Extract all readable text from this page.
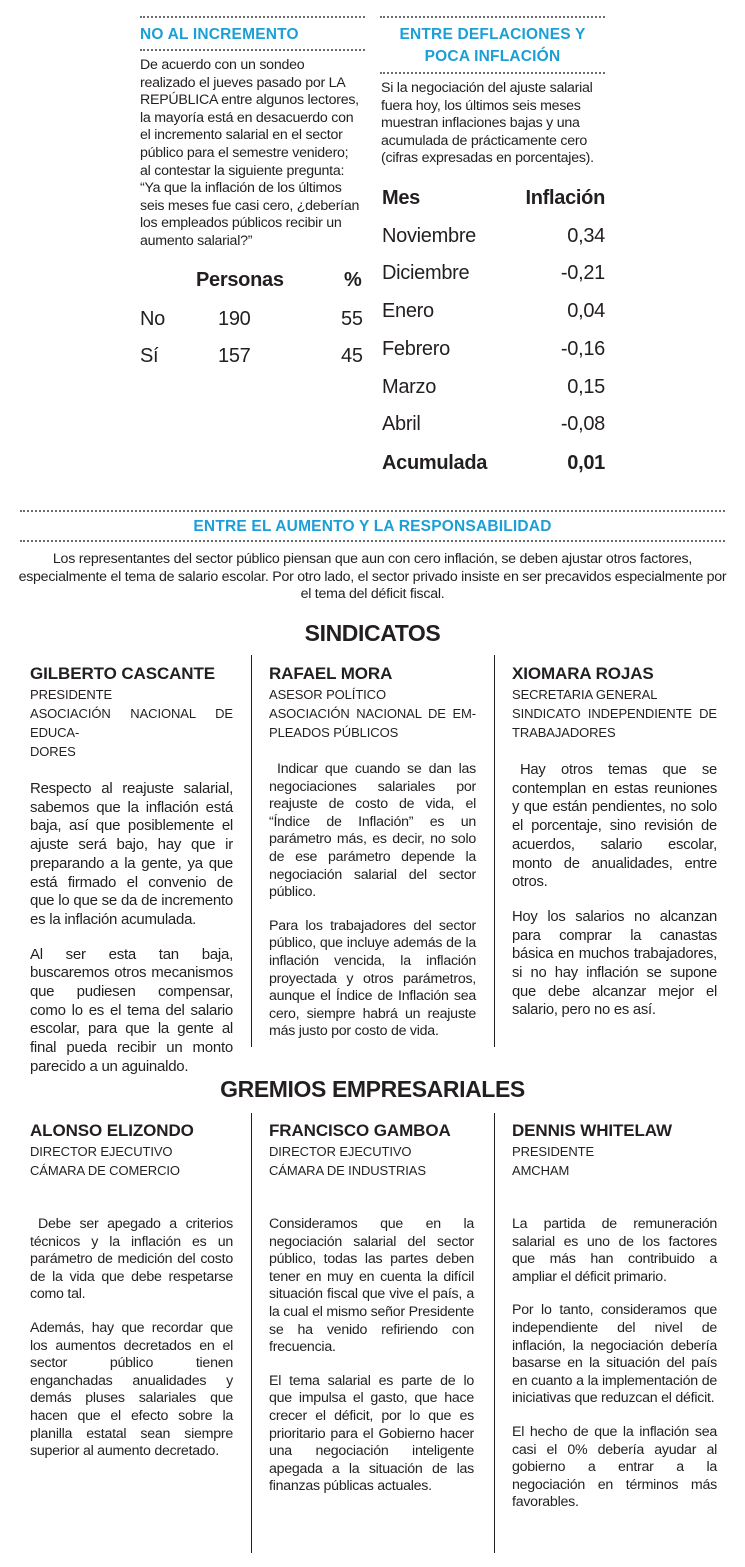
NO AL INCREMENTO
De acuerdo con un sondeo realizado el jueves pasado por LA REPÚBLICA entre algunos lectores, la mayoría está en desacuerdo con el incremento salarial en el sector público para el semestre venidero; al contestar la siguiente pregunta: “Ya que la inflación de los últimos seis meses fue casi cero, ¿deberían los empleados públicos recibir un aumento salarial?”
Personas	%
No	190	55
Sí	157	45
ENTRE DEFLACIONES Y
POCA INFLACIÓN
Si la negociación del ajuste salarial fuera hoy, los últimos seis meses muestran inflaciones bajas y una acumulada de prácticamente cero (cifras expresadas en porcentajes).
Mes	Inflación
Noviembre	0,34
Diciembre	-0,21
Enero	0,04
Febrero	-0,16
Marzo	0,15
Abril	-0,08
Acumulada	0,01
ENTRE EL AUMENTO Y LA RESPONSABILIDAD
Los representantes del sector público piensan que aun con cero inflación, se deben ajustar otros factores, especialmente el tema de salario escolar. Por otro lado, el sector privado insiste en ser precavidos especialmente por el tema del déficit fiscal.
SINDICATOS
GILBERTO CASCANTE
PRESIDENTE
ASOCIACIÓN NACIONAL DE EDUCA-
DORES

Respecto al reajuste salarial, sabemos que la inflación está baja, así que posiblemente el ajuste será bajo, hay que ir preparando a la gente, ya que está firmado el convenio de que lo que se da de incremento es la inflación acumulada.

Al ser esta tan baja, buscaremos otros mecanismos que pudiesen compensar, como lo es el tema del salario escolar, para que la gente al final pueda recibir un monto parecido a un aguinaldo.

RAFAEL MORA
ASESOR POLÍTICO
ASOCIACIÓN NACIONAL DE EM-
PLEADOS PÚBLICOS

Indicar que cuando se dan las negociaciones salariales por reajuste de costo de vida, el “Índice de Inflación” es un parámetro más, es decir, no solo de ese parámetro depende la negociación salarial del sector público.

Para los trabajadores del sector público, que incluye además de la inflación vencida, la inflación proyectada y otros parámetros, aunque el Índice de Inflación sea cero, siempre habrá un reajuste más justo por costo de vida.

XIOMARA ROJAS
SECRETARIA GENERAL
SINDICATO INDEPENDIENTE DE
TRABAJADORES

Hay otros temas que se contemplan en estas reuniones y que están pendientes, no solo el porcentaje, sino revisión de acuerdos, salario escolar, monto de anualidades, entre otros.

Hoy los salarios no alcanzan para comprar la canastas básica en muchos trabajadores, si no hay inflación se supone que debe alcanzar mejor el salario, pero no es así.

GREMIOS EMPRESARIALES
ALONSO ELIZONDO
DIRECTOR EJECUTIVO
CÁMARA DE COMERCIO

Debe ser apegado a criterios técnicos y la inflación es un parámetro de medición del costo de la vida que debe respetarse como tal.

Además, hay que recordar que los aumentos decretados en el sector público tienen enganchadas anualidades y demás pluses salariales que hacen que el efecto sobre la planilla estatal sean siempre superior al aumento decretado.

FRANCISCO GAMBOA
DIRECTOR EJECUTIVO
CÁMARA DE INDUSTRIAS

Consideramos que en la negociación salarial del sector público, todas las partes deben tener en muy en cuenta la difícil situación fiscal que vive el país, a la cual el mismo señor Presidente se ha venido refiriendo con frecuencia.

El tema salarial es parte de lo que impulsa el gasto, que hace crecer el déficit, por lo que es prioritario para el Gobierno hacer una negociación inteligente apegada a la situación de las finanzas públicas actuales.

DENNIS WHITELAW
PRESIDENTE
AMCHAM

La partida de remuneración salarial es uno de los factores que más han contribuido a ampliar el déficit primario.

Por lo tanto, consideramos que independiente del nivel de inflación, la negociación debería basarse en la situación del país en cuanto a la implementación de iniciativas que reduzcan el déficit.

El hecho de que la inflación sea casi el 0% debería ayudar al gobierno a entrar a la negociación en términos más favorables.
